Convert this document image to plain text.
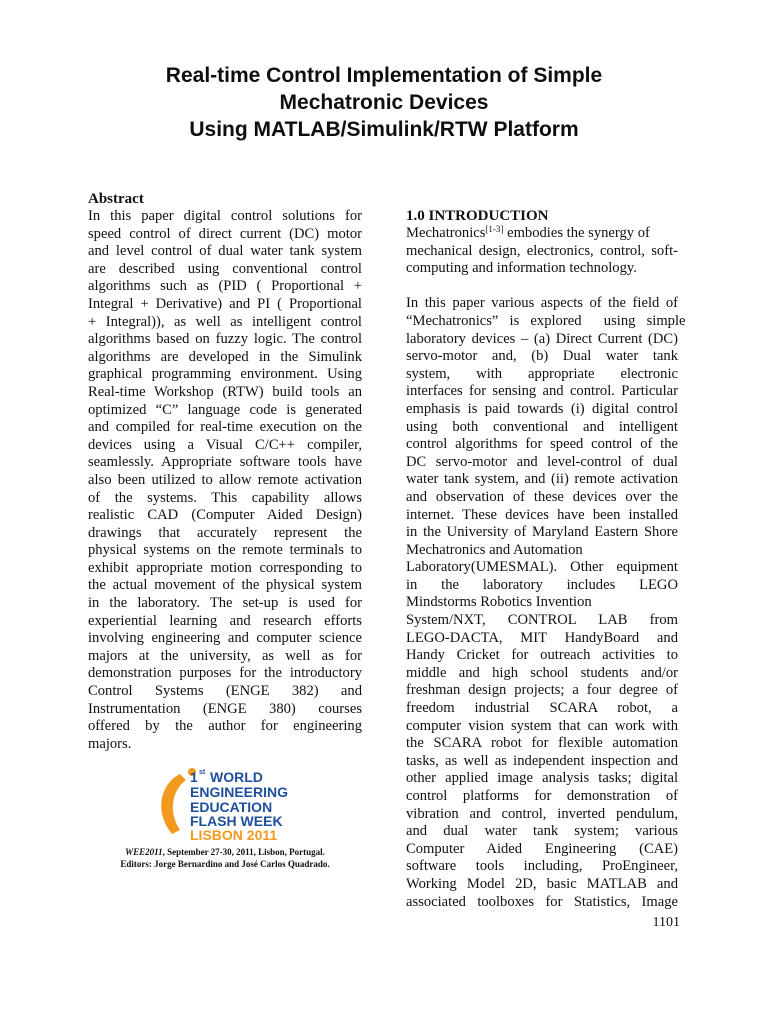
Real-time Control Implementation of Simple
Mechatronic Devices
Using MATLAB/Simulink/RTW Platform

Abstract

In this paper digital control solutions for
speed control of direct current (DC) motor
and level control of dual water tank system
are described using conventional control
algorithms such as (PID ( Proportional +
Integral + Derivative) and PI ( Proportional
+ Integral)), as well as intelligent control
algorithms based on fuzzy logic. The control
algorithms are developed in the Simulink
graphical programming environment. Using
Real-time Workshop (RTW) build tools an
optimized “C” language code is generated
and compiled for real-time execution on the
devices using a Visual C/C++ compiler,
seamlessly. Appropriate software tools have
also been utilized to allow remote activation
of the systems. This capability allows
realistic CAD (Computer Aided Design)
drawings that accurately represent the
physical systems on the remote terminals to
exhibit appropriate motion corresponding to
the actual movement of the physical system
in the laboratory. The set-up is used for
experiential learning and research efforts
involving engineering and computer science
majors at the university, as well as for
demonstration purposes for the introductory
Control Systems (ENGE 382) and
Instrumentation (ENGE 380) courses
offered by the author for engineering
majors.
1 st WORLD
ENGINEERING
EDUCATION
FLASH WEEK
LISBON 2011
WEE2011, September 27-30, 2011, Lisbon, Portugal.
Editors: Jorge Bernardino and José Carlos Quadrado.

1.0 INTRODUCTION

Mechatronics[1-3] embodies the synergy of
mechanical design, electronics, control, soft-
computing and information technology.
In this paper various aspects of the field of
“Mechatronics” is explored  using simple
laboratory devices – (a) Direct Current (DC)
servo-motor and, (b) Dual water tank
system, with appropriate electronic
interfaces for sensing and control. Particular
emphasis is paid towards (i) digital control
using both conventional and intelligent
control algorithms for speed control of the
DC servo-motor and level-control of dual
water tank system, and (ii) remote activation
and observation of these devices over the
internet. These devices have been installed
in the University of Maryland Eastern Shore
Mechatronics and Automation
Laboratory(UMESMAL). Other equipment
in the laboratory includes LEGO
Mindstorms Robotics Invention
System/NXT, CONTROL LAB from
LEGO-DACTA, MIT HandyBoard and
Handy Cricket for outreach activities to
middle and high school students and/or
freshman design projects; a four degree of
freedom industrial SCARA robot, a
computer vision system that can work with
the SCARA robot for flexible automation
tasks, as well as independent inspection and
other applied image analysis tasks; digital
control platforms for demonstration of
vibration and control, inverted pendulum,
and dual water tank system; various
Computer Aided Engineering (CAE)
software tools including, ProEngineer,
Working Model 2D, basic MATLAB and
associated toolboxes for Statistics, Image
1101
